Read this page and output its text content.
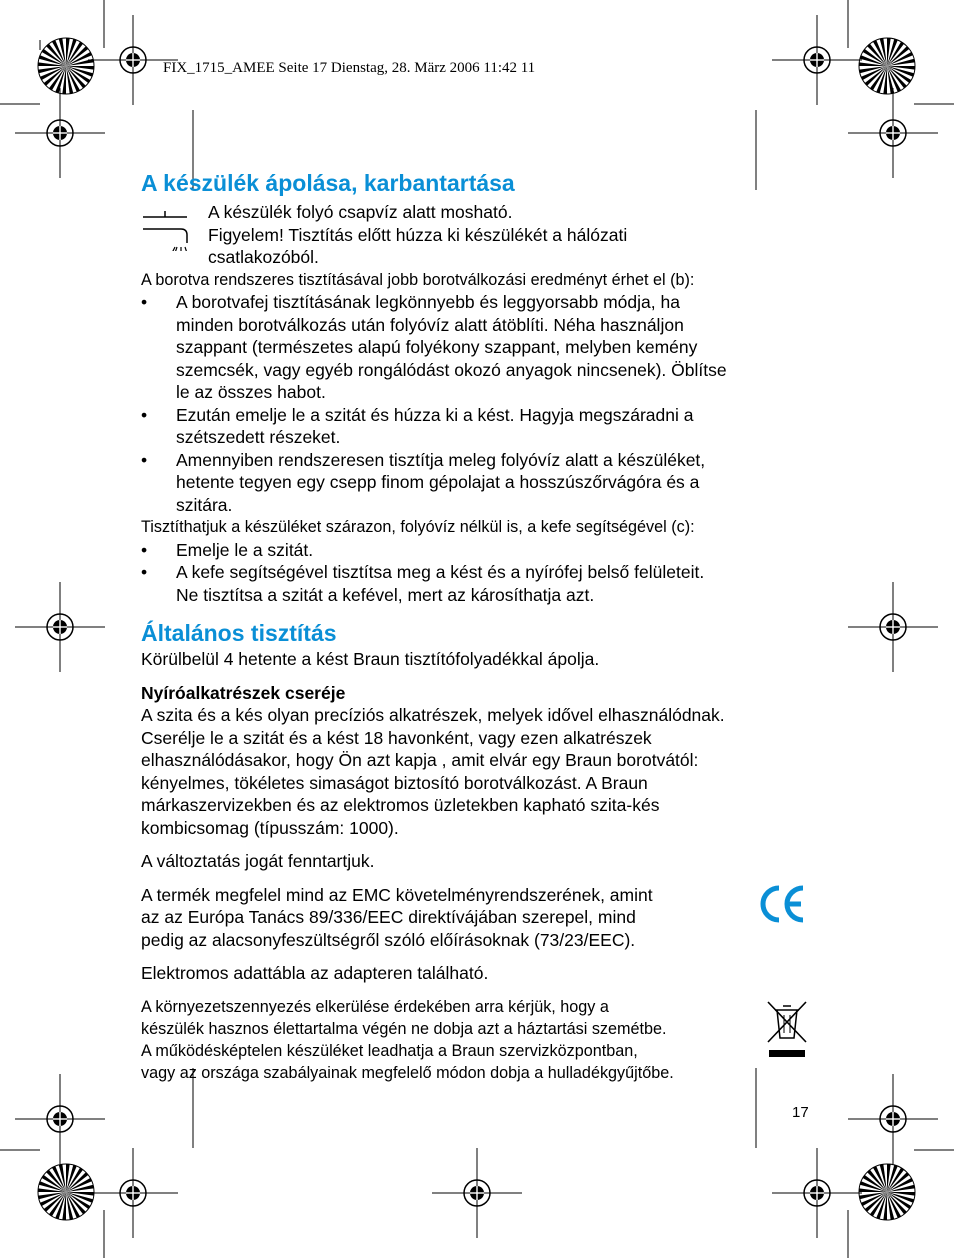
FIX_1715_AMEE Seite 17 Dienstag, 28. März 2006 11:42 11
A készülék ápolása, karbantartása
A készülék folyó csapvíz alatt mosható.
Figyelem! Tisztítás előtt húzza ki készülékét a hálózati
csatlakozóból.
A borotva rendszeres tisztításával jobb borotválkozási eredményt érhet el (b):
• A borotvafej tisztításának legkönnyebb és leggyorsabb módja, ha
minden borotválkozás után folyóvíz alatt átöblíti. Néha használjon
szappant (természetes alapú folyékony szappant, melyben kemény
szemcsék, vagy egyéb rongálódást okozó anyagok nincsenek). Öblítse
le az összes habot.
• Ezután emelje le a szitát és húzza ki a kést. Hagyja megszáradni a
szétszedett részeket.
• Amennyiben rendszeresen tisztítja meleg folyóvíz alatt a készüléket,
hetente tegyen egy csepp finom gépolajat a hosszúszőrvágóra és a
szitára.
Tisztíthatjuk a készüléket szárazon, folyóvíz nélkül is, a kefe segítségével (c):
• Emelje le a szitát.
• A kefe segítségével tisztítsa meg a kést és a nyírófej belső felületeit.
Ne tisztítsa a szitát a kefével, mert az károsíthatja azt.
Általános tisztítás
Körülbelül 4 hetente a kést Braun tisztítófolyadékkal ápolja.
Nyíróalkatrészek cseréje
A szita és a kés olyan precíziós alkatrészek, melyek idővel elhasználódnak.
Cserélje le a szitát és a kést 18 havonként, vagy ezen alkatrészek
elhasználódásakor, hogy Ön azt kapja , amit elvár egy Braun borotvától:
kényelmes, tökéletes simaságot biztosító borotválkozást. A Braun
márkaszervizekben és az elektromos üzletekben kapható szita-kés
kombicsomag (típusszám: 1000).
A változtatás jogát fenntartjuk.
A termék megfelel mind az EMC követelményrendszerének, amint
az az Európa Tanács 89/336/EEC direktívájában szerepel, mind
pedig az alacsonyfeszültségről szóló előírásoknak (73/23/EEC).
Elektromos adattábla az adapteren található.
A környezetszennyezés elkerülése érdekében arra kérjük, hogy a
készülék hasznos élettartalma végén ne dobja azt a háztartási szemétbe.
A működésképtelen készüléket leadhatja a Braun szervizközpontban,
vagy az országa szabályainak megfelelő módon dobja a hulladékgyűjtőbe.
17
